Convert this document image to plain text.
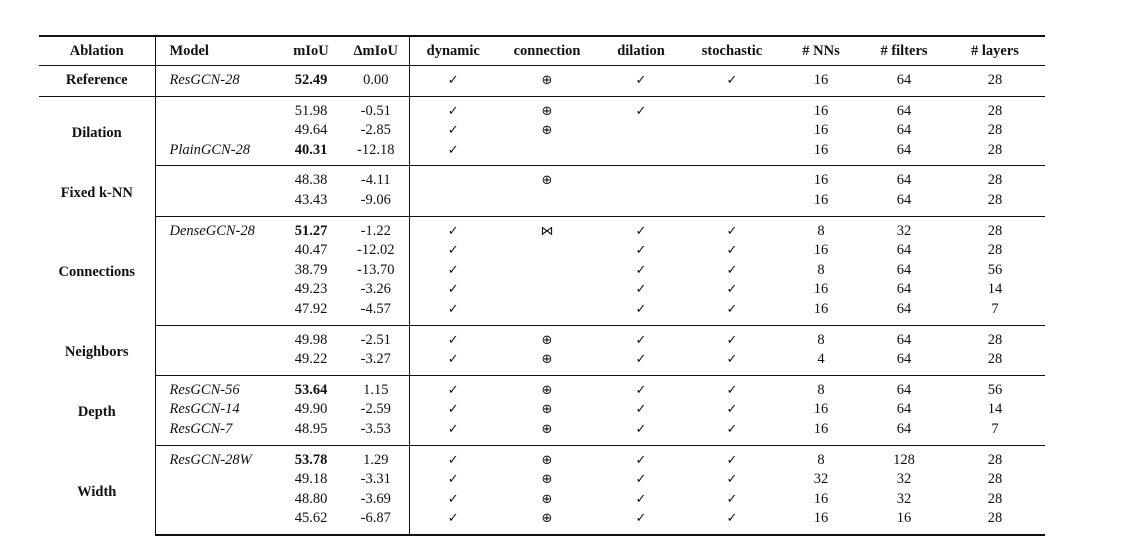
Ablation	Model	mIoU	ΔmIoU	dynamic	connection	dilation	stochastic	# NNs	# filters	# layers
Reference	ResGCN-28	52.49	0.00	✓	⊕	✓	✓	16	64	28
Dilation		51.98	-0.51	✓	⊕	✓		16	64	28
		49.64	-2.85	✓	⊕			16	64	28
	PlainGCN-28	40.31	-12.18	✓				16	64	28
Fixed k-NN		48.38	-4.11		⊕			16	64	28
		43.43	-9.06					16	64	28
Connections	DenseGCN-28	51.27	-1.22	✓	⋈	✓	✓	8	32	28
		40.47	-12.02	✓		✓	✓	16	64	28
		38.79	-13.70	✓		✓	✓	8	64	56
		49.23	-3.26	✓		✓	✓	16	64	14
		47.92	-4.57	✓		✓	✓	16	64	7
Neighbors		49.98	-2.51	✓	⊕	✓	✓	8	64	28
		49.22	-3.27	✓	⊕	✓	✓	4	64	28
Depth	ResGCN-56	53.64	1.15	✓	⊕	✓	✓	8	64	56
	ResGCN-14	49.90	-2.59	✓	⊕	✓	✓	16	64	14
	ResGCN-7	48.95	-3.53	✓	⊕	✓	✓	16	64	7
Width	ResGCN-28W	53.78	1.29	✓	⊕	✓	✓	8	128	28
		49.18	-3.31	✓	⊕	✓	✓	32	32	28
		48.80	-3.69	✓	⊕	✓	✓	16	32	28
		45.62	-6.87	✓	⊕	✓	✓	16	16	28
